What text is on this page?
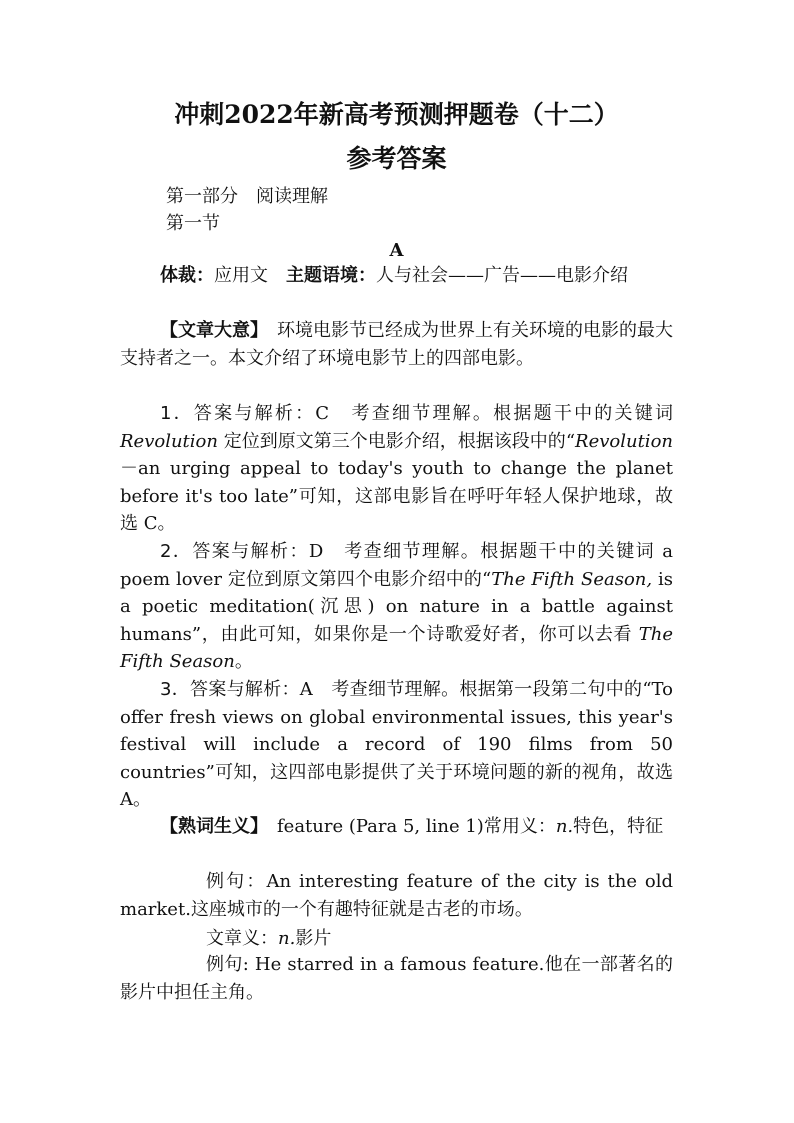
冲刺2022年新高考预测押题卷（十二）

参考答案

第一部分　阅读理解

第一节

A

体裁：应用文　主题语境：人与社会——广告——电影介绍

【文章大意】　环境电影节已经成为世界上有关环境的电影的最大支持者之一。本文介绍了环境电影节上的四部电影。

1．答案与解析：C　考查细节理解。根据题干中的关键词 Revolution 定位到原文第三个电影介绍，根据该段中的“Revolution－an urging appeal to today's youth to change the planet before it's too late”可知，这部电影旨在呼吁年轻人保护地球，故选 C。

2．答案与解析：D　考查细节理解。根据题干中的关键词 a poem lover 定位到原文第四个电影介绍中的“The Fifth Season, is a poetic meditation(沉思) on nature in a battle against humans”，由此可知，如果你是一个诗歌爱好者，你可以去看 The Fifth Season。

3．答案与解析：A　考查细节理解。根据第一段第二句中的“To offer fresh views on global environmental issues, this year's festival will include a record of 190 films from 50 countries”可知，这四部电影提供了关于环境问题的新的视角，故选 A。

【熟词生义】　feature (Para 5, line 1)常用义：n.特色，特征

例句：An interesting feature of the city is the old market.这座城市的一个有趣特征就是古老的市场。

文章义：n.影片

例句: He starred in a famous feature.他在一部著名的影片中担任主角。
